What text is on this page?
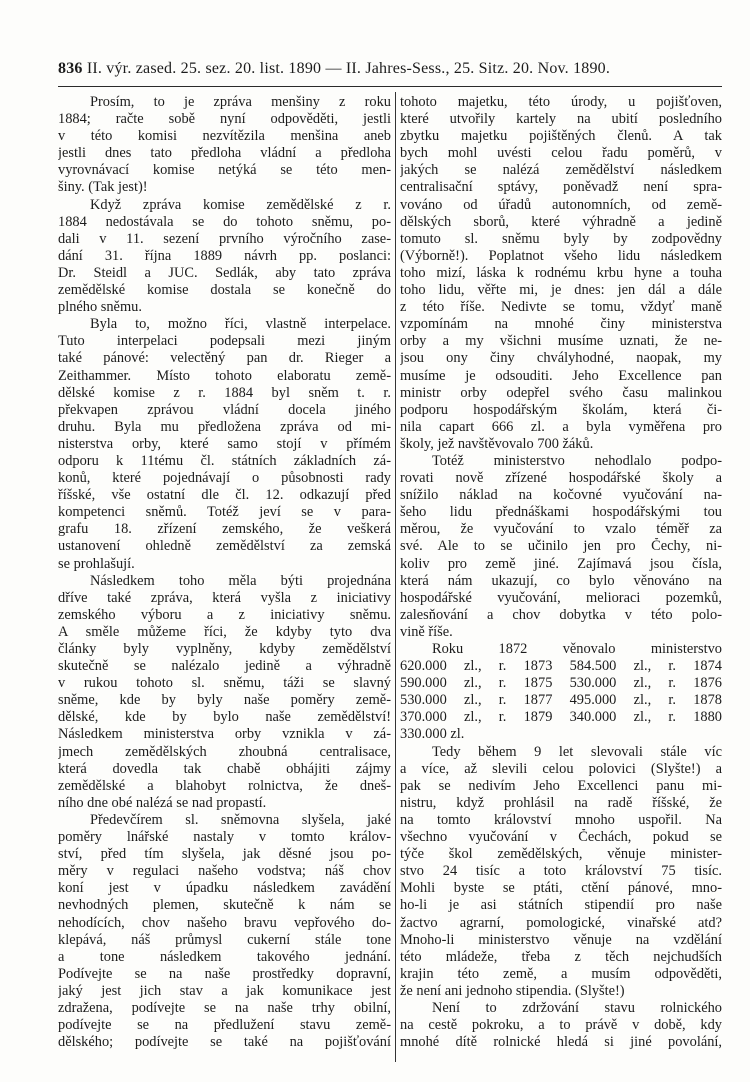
836 II. výr. zased. 25. sez. 20. list. 1890 — II. Jahres-Sess., 25. Sitz. 20. Nov. 1890.
Prosím, to je zpráva menšiny z roku
1884; račte sobě nyní odpověděti, jestli
v této komisi nezvítězila menšina aneb
jestli dnes tato předloha vládní a předloha
vyrovnávací komise netýká se této men-
šiny. (Tak jest)!
Když zpráva komise zemědělské z r.
1884 nedostávala se do tohoto sněmu, po-
dali v 11. sezení prvního výročního zase-
dání 31. října 1889 návrh pp. poslanci:
Dr. Steidl a JUC. Sedlák, aby tato zpráva
zemědělské komise dostala se konečně do
plného sněmu.
Byla to, možno říci, vlastně interpelace.
Tuto interpelaci podepsali mezi jiným
také pánové: velectěný pan dr. Rieger a
Zeithammer. Místo tohoto elaboratu země-
dělské komise z r. 1884 byl sněm t. r.
překvapen zprávou vládní docela jiného
druhu. Byla mu předložena zpráva od mi-
nisterstva orby, které samo stojí v přímém
odporu k 11tému čl. státních základních zá-
konů, které pojednávají o působnosti rady
říšské, vše ostatní dle čl. 12. odkazují před
kompetenci sněmů. Totéž jeví se v para-
grafu 18. zřízení zemského, že veškerá
ustanovení ohledně zemědělství za zemská
se prohlašují.
Následkem toho měla býti projednána
dříve také zpráva, která vyšla z iniciativy
zemského výboru a z iniciativy sněmu.
A směle můžeme říci, že kdyby tyto dva
články byly vyplněny, kdyby zemědělství
skutečně se nalézalo jedině a výhradně
v rukou tohoto sl. sněmu, táži se slavný
sněme, kde by byly naše poměry země-
dělské, kde by bylo naše zemědělství!
Následkem ministerstva orby vznikla v zá-
jmech zemědělských zhoubná centralisace,
která dovedla tak chabě obhájiti zájmy
zemědělské a blahobyt rolnictva, že dneš-
ního dne obé nalézá se nad propastí.
Předevčírem sl. sněmovna slyšela, jaké
poměry lnářské nastaly v tomto králov-
ství, před tím slyšela, jak děsné jsou po-
měry v regulaci našeho vodstva; náš chov
koní jest v úpadku následkem zavádění
nevhodných plemen, skutečně k nám se
nehodících, chov našeho bravu vepřového do-
klepává, náš průmysl cukerní stále tone
a tone následkem takového jednání.
Podívejte se na naše prostředky dopravní,
jaký jest jich stav a jak komunikace jest
zdražena, podívejte se na naše trhy obilní,
podívejte se na předlužení stavu země-
dělského; podívejte se také na pojišťování
tohoto majetku, této úrody, u pojišťoven,
které utvořily kartely na ubití posledního
zbytku majetku pojištěných členů. A tak
bych mohl uvésti celou řadu poměrů, v
jakých se nalézá zemědělství následkem
centralisační sptávy, poněvadž není spra-
vováno od úřadů autonomních, od země-
dělských sborů, které výhradně a jedině
tomuto sl. sněmu byly by zodpovědny
(Výborně!). Poplatnot všeho lidu následkem
toho mizí, láska k rodnému krbu hyne a touha
toho lidu, věřte mi, je dnes: jen dál a dále
z této říše. Nedivte se tomu, vždyť maně
vzpomínám na mnohé činy ministerstva
orby a my všichni musíme uznati, že ne-
jsou ony činy chvályhodné, naopak, my
musíme je odsouditi. Jeho Excellence pan
ministr orby odepřel svého času malinkou
podporu hospodářským školám, která či-
nila capart 666 zl. a byla vyměřena pro
školy, jež navštěvovalo 700 žáků.
Totéž ministerstvo nehodlalo podpo-
rovati nově zřízené hospodářské školy a
snížilo náklad na kočovné vyučování na-
šeho lidu přednáškami hospodářskými tou
měrou, že vyučování to vzalo téměř za
své. Ale to se učinilo jen pro Čechy, ni-
koliv pro země jiné. Zajímavá jsou čísla,
která nám ukazují, co bylo věnováno na
hospodářské vyučování, melioraci pozemků,
zalesňování a chov dobytka v této polo-
vině říše.
Roku 1872 věnovalo ministerstvo
620.000 zl., r. 1873 584.500 zl., r. 1874
590.000 zl., r. 1875 530.000 zl., r. 1876
530.000 zl., r. 1877 495.000 zl., r. 1878
370.000 zl., r. 1879 340.000 zl., r. 1880
330.000 zl.
Tedy během 9 let slevovali stále víc
a více, až slevili celou polovici (Slyšte!) a
pak se nedivím Jeho Excellenci panu mi-
nistru, když prohlásil na radě říšské, že
na tomto království mnoho uspořil. Na
všechno vyučování v Čechách, pokud se
týče škol zemědělských, věnuje minister-
stvo 24 tisíc a toto království 75 tisíc.
Mohli byste se ptáti, ctění pánové, mno-
ho-li je asi státních stipendií pro naše
žactvo agrarní, pomologické, vinařské atd?
Mnoho-li ministerstvo věnuje na vzdělání
této mládeže, třeba z těch nejchudších
krajin této země, a musím odpověděti,
že není ani jednoho stipendia. (Slyšte!)
Není to zdržování stavu rolnického
na cestě pokroku, a to právě v době, kdy
mnohé dítě rolnické hledá si jiné povolání,
